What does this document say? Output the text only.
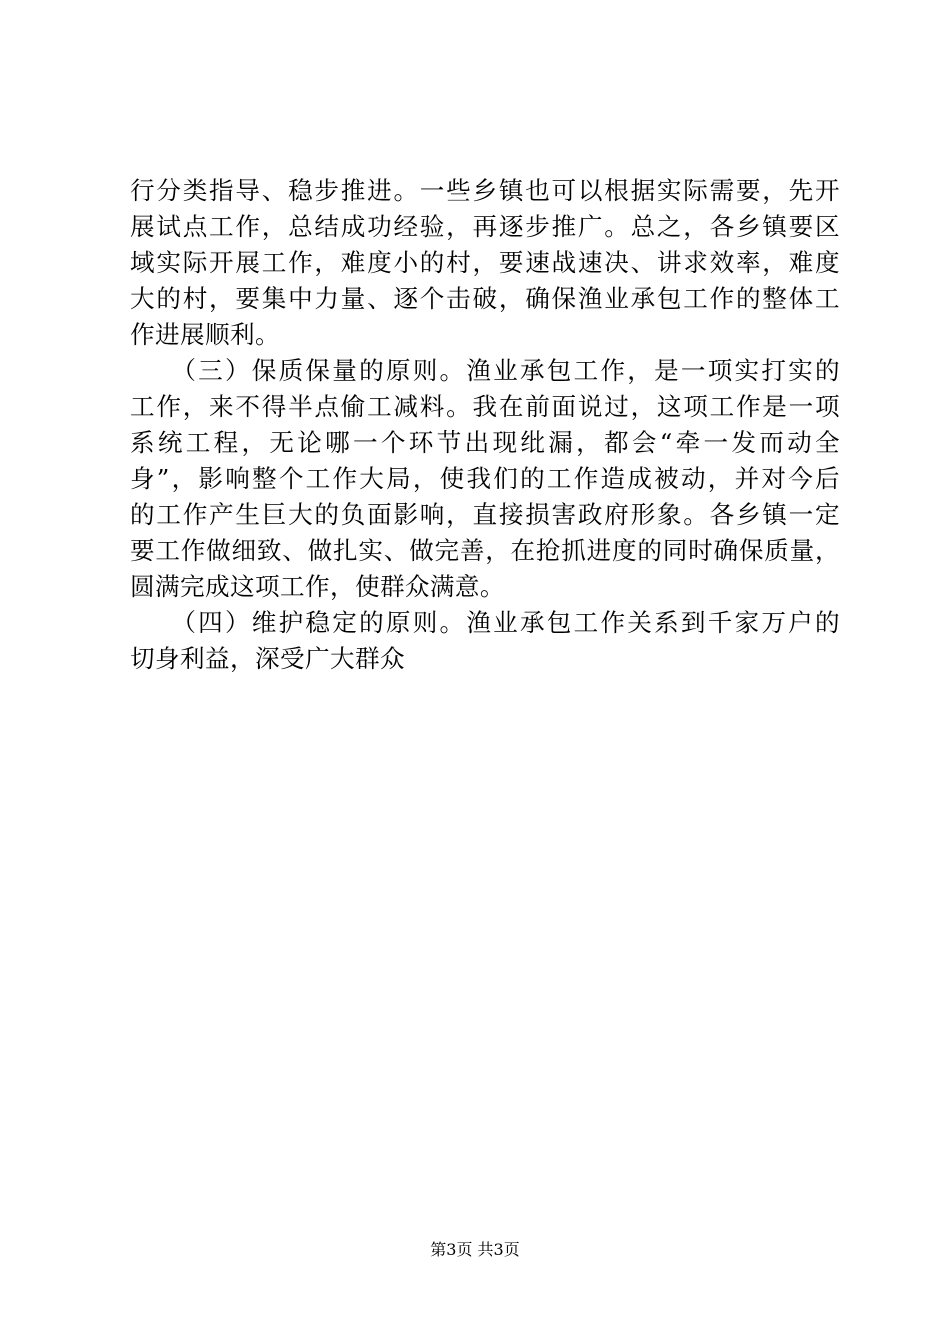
行分类指导、稳步推进。一些乡镇也可以根据实际需要，先开
展试点工作，总结成功经验，再逐步推广。总之，各乡镇要区
域实际开展工作，难度小的村，要速战速决、讲求效率，难度
大的村，要集中力量、逐个击破，确保渔业承包工作的整体工
作进展顺利。
　　（三）保质保量的原则。渔业承包工作，是一项实打实的
工作，来不得半点偷工减料。我在前面说过，这项工作是一项
系统工程，无论哪一个环节出现纰漏，都会“牵一发而动全
身”，影响整个工作大局，使我们的工作造成被动，并对今后
的工作产生巨大的负面影响，直接损害政府形象。各乡镇一定
要工作做细致、做扎实、做完善，在抢抓进度的同时确保质量，
圆满完成这项工作，使群众满意。
　　（四）维护稳定的原则。渔业承包工作关系到千家万户的
切身利益，深受广大群众
第3页 共3页
